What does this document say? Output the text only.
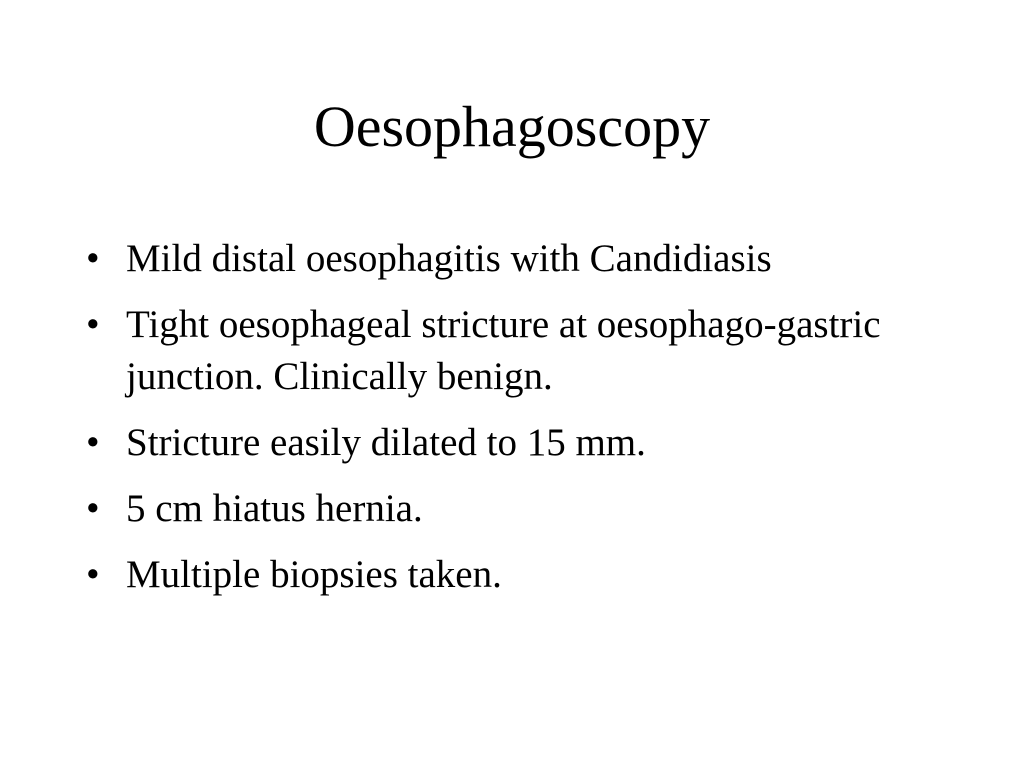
Oesophagoscopy
• Mild distal oesophagitis with Candidiasis
• Tight oesophageal stricture at oesophago-gastric junction. Clinically benign.
• Stricture easily dilated to 15 mm.
• 5 cm hiatus hernia.
• Multiple biopsies taken.
